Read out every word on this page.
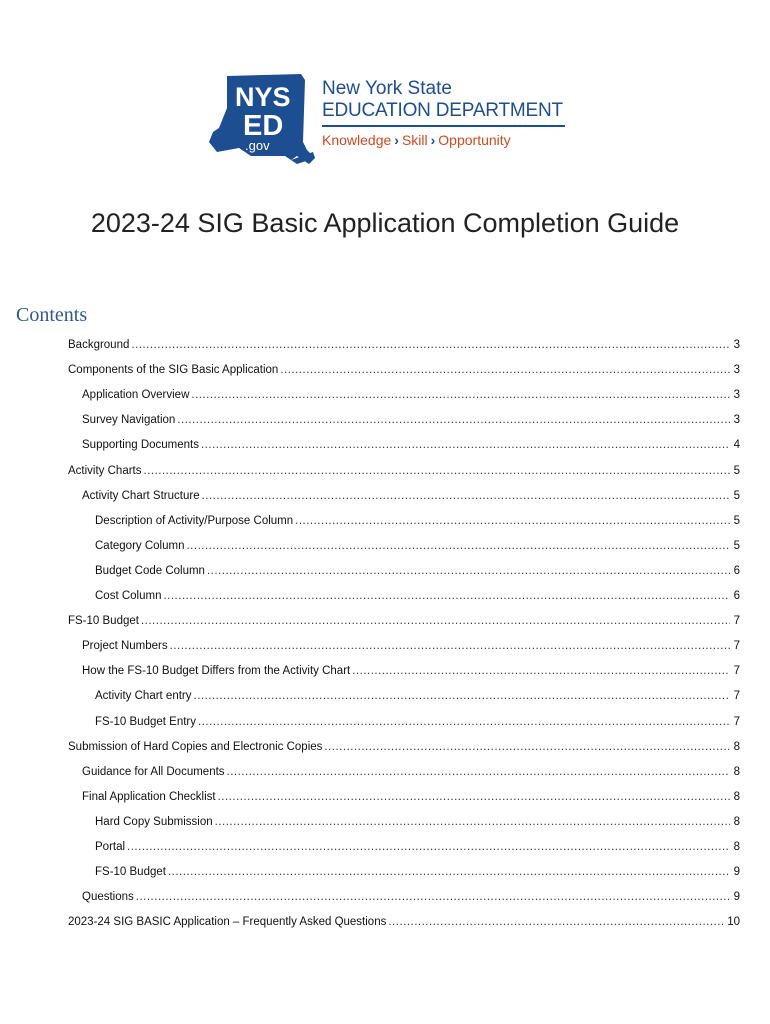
NYS
ED
.gov
New York State
EDUCATION DEPARTMENT
Knowledge › Skill › Opportunity
2023-24 SIG Basic Application Completion Guide
Contents
Background .....	3
Components of the SIG Basic Application .....	3
Application Overview .....	3
Survey Navigation .....	3
Supporting Documents .....	4
Activity Charts .....	5
Activity Chart Structure .....	5
Description of Activity/Purpose Column .....	5
Category Column .....	5
Budget Code Column .....	6
Cost Column .....	6
FS-10 Budget .....	7
Project Numbers .....	7
How the FS-10 Budget Differs from the Activity Chart .....	7
Activity Chart entry .....	7
FS-10 Budget Entry .....	7
Submission of Hard Copies and Electronic Copies .....	8
Guidance for All Documents .....	8
Final Application Checklist .....	8
Hard Copy Submission .....	8
Portal .....	8
FS-10 Budget .....	9
Questions .....	9
2023-24 SIG BASIC Application – Frequently Asked Questions .....	10
